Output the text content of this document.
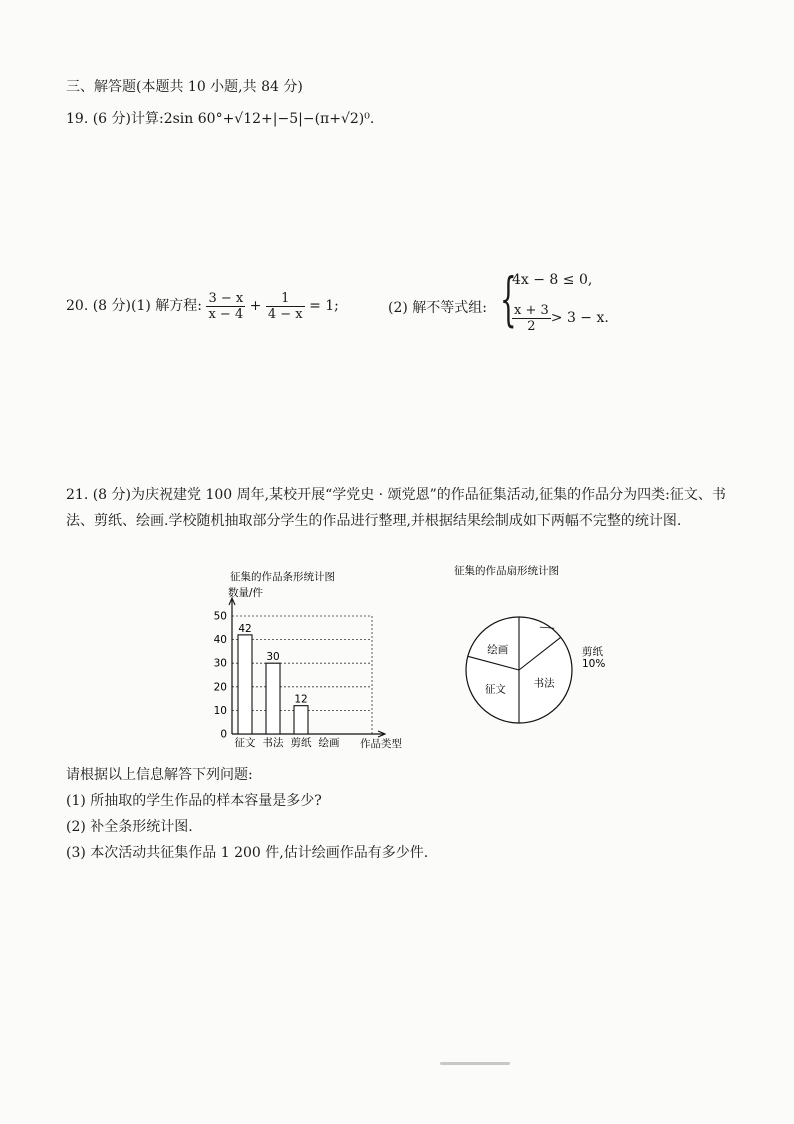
三、解答题(本题共 10 小题,共 84 分)
19. (6 分)计算:2sin 60°+√12+|−5|−(π+√2)⁰.
20. (8 分)(1) 解方程: $\frac{3 - x}{x - 4} + \frac{1}{4 - x} = 1$;	(2) 解不等式组: {
4x − 8 ≤ 0,
$\frac{x + 3}{2} > 3 - x$.
21. (8 分)为庆祝建党 100 周年,某校开展“学党史 · 颂党恩”的作品征集活动,征集的作品分为四类:征文、书法、剪纸、绘画.学校随机抽取部分学生的作品进行整理,并根据结果绘制成如下两幅不完整的统计图.
征集的作品条形统计图
数量/件
作品类型
0
10
20
30
40
50
42
30
12
征文 书法 剪纸 绘画
征集的作品扇形统计图
绘画	剪纸
10%
书法
征文
请根据以上信息解答下列问题:
(1) 所抽取的学生作品的样本容量是多少?
(2) 补全条形统计图.
(3) 本次活动共征集作品 1 200 件,估计绘画作品有多少件.
